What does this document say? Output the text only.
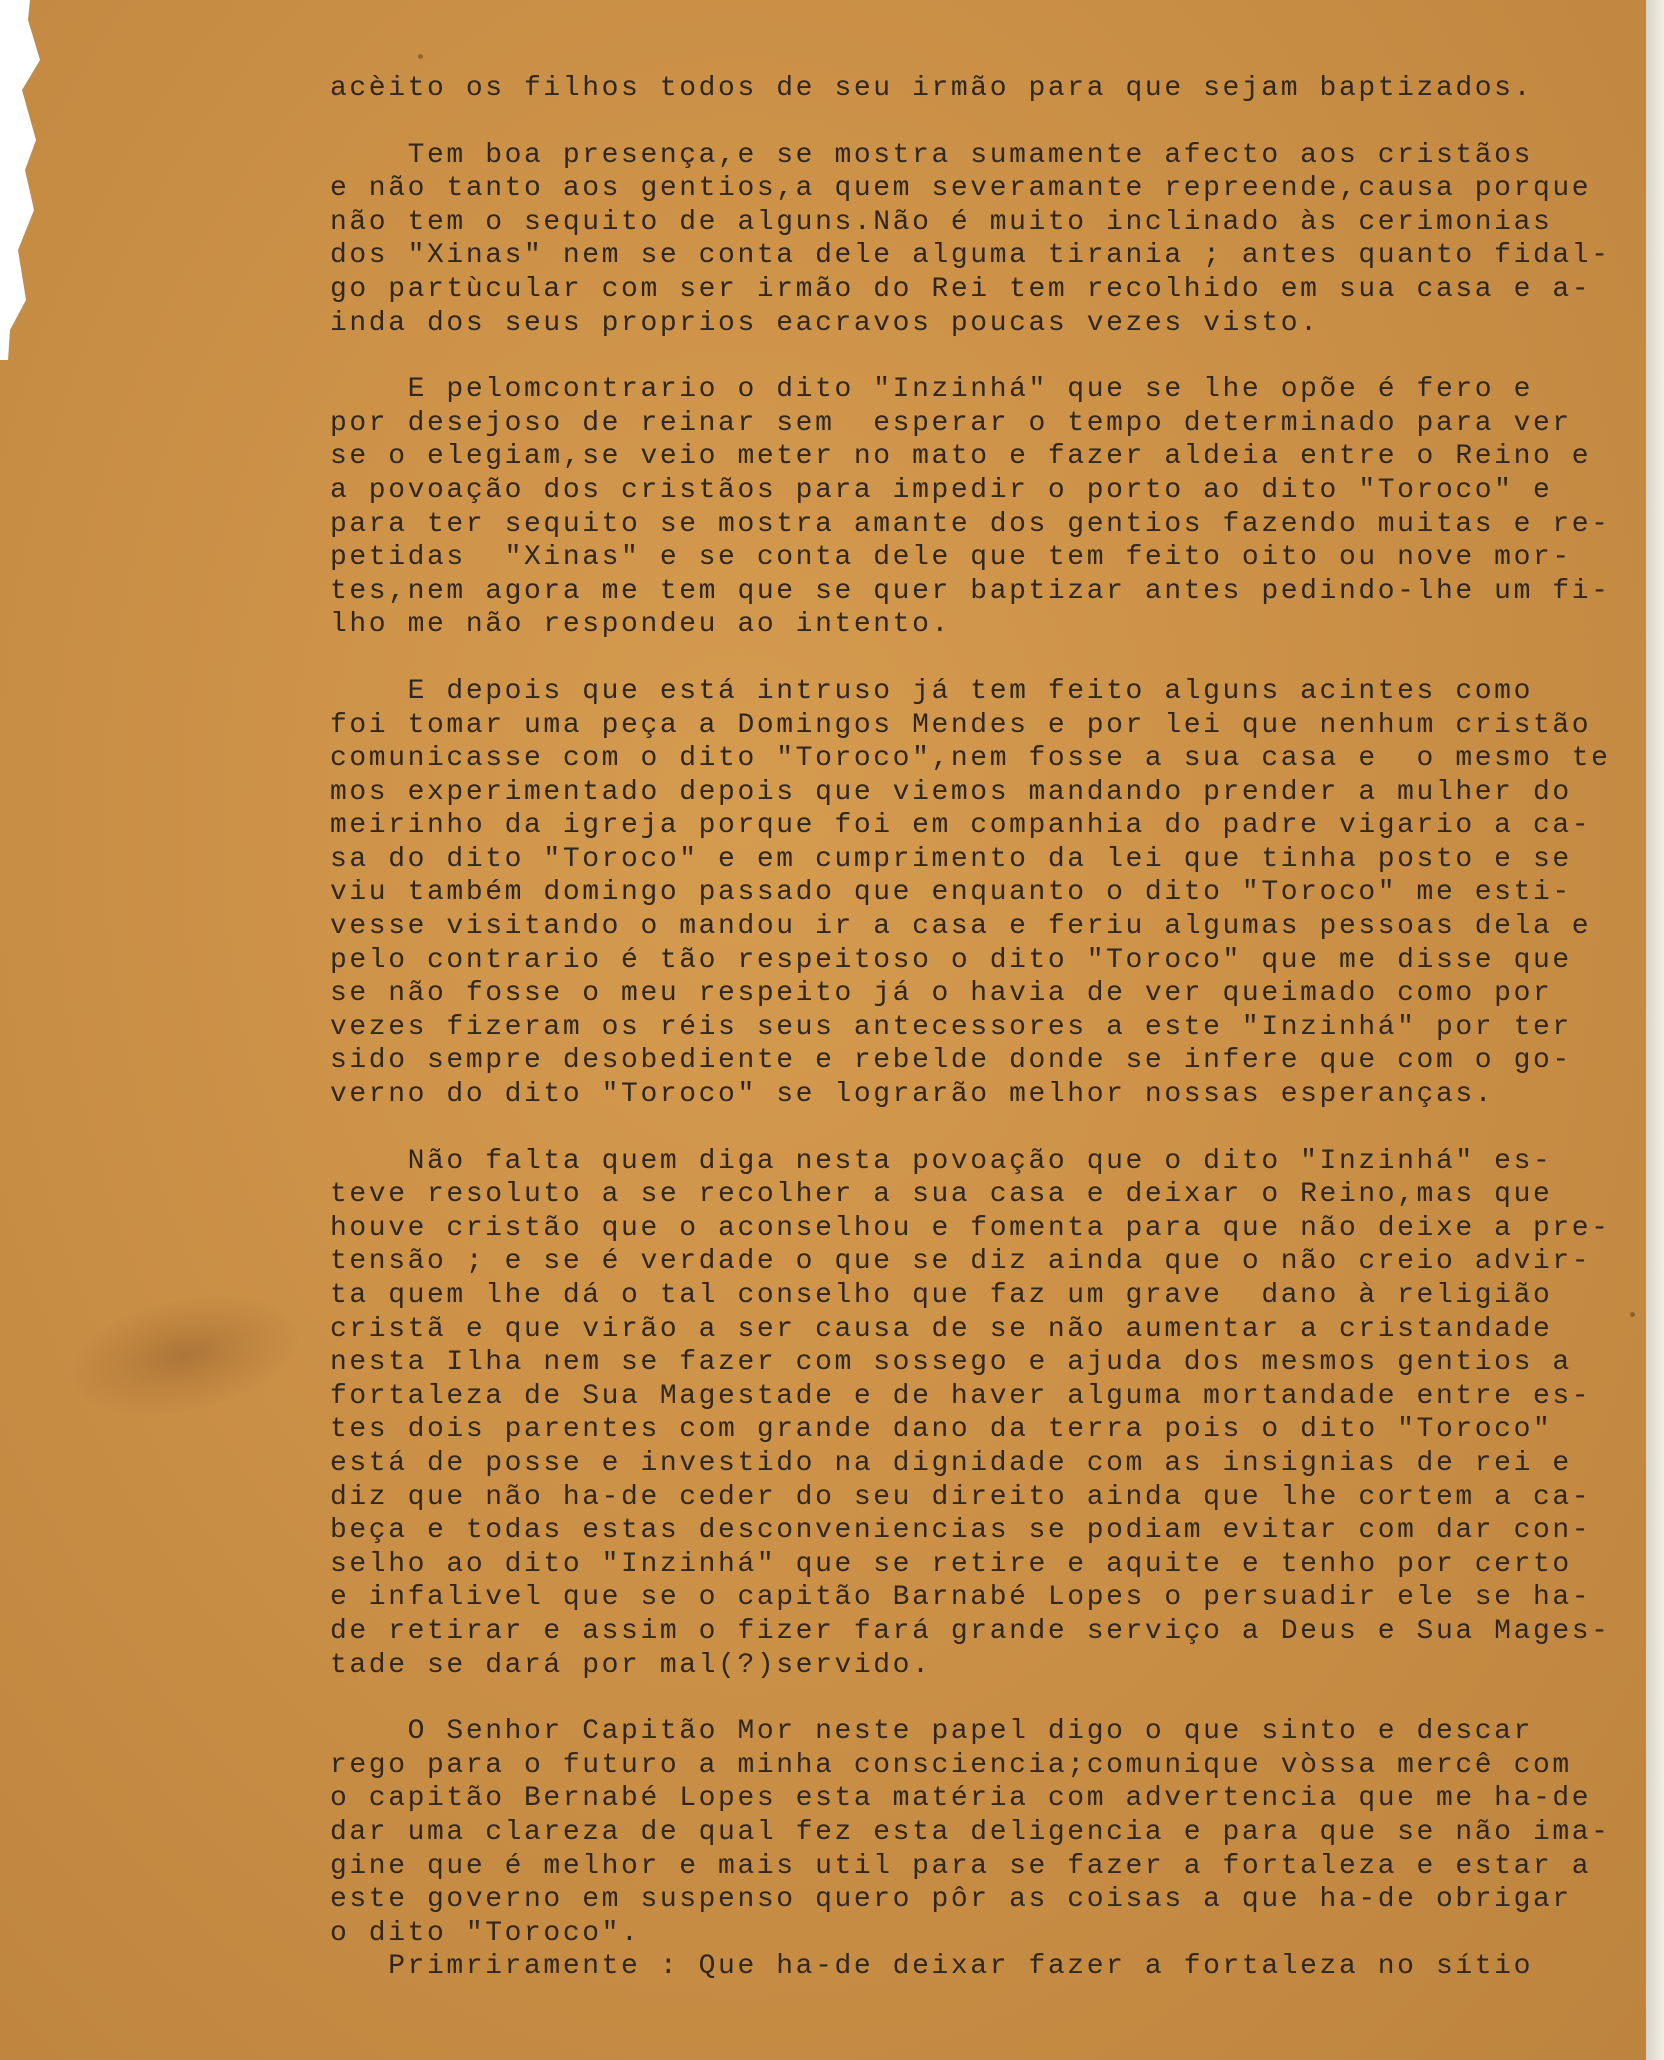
acèito os filhos todos de seu irmão para que sejam baptizados.
Tem boa presença,e se mostra sumamente afecto aos cristãos
e não tanto aos gentios,a quem severamante repreende,causa porque
não tem o sequito de alguns.Não é muito inclinado às cerimonias
dos "Xinas" nem se conta dele alguma tirania ; antes quanto fidal-
go partùcular com ser irmão do Rei tem recolhido em sua casa e a-
inda dos seus proprios eacravos poucas vezes visto.
E pelomcontrario o dito "Inzinhá" que se lhe opõe é fero e
por desejoso de reinar sem  esperar o tempo determinado para ver
se o elegiam,se veio meter no mato e fazer aldeia entre o Reino e
a povoação dos cristãos para impedir o porto ao dito "Toroco" e
para ter sequito se mostra amante dos gentios fazendo muitas e re-
petidas  "Xinas" e se conta dele que tem feito oito ou nove mor-
tes,nem agora me tem que se quer baptizar antes pedindo-lhe um fi-
lho me não respondeu ao intento.
E depois que está intruso já tem feito alguns acintes como
foi tomar uma peça a Domingos Mendes e por lei que nenhum cristão
comunicasse com o dito "Toroco",nem fosse a sua casa e  o mesmo te
mos experimentado depois que viemos mandando prender a mulher do
meirinho da igreja porque foi em companhia do padre vigario a ca-
sa do dito "Toroco" e em cumprimento da lei que tinha posto e se
viu também domingo passado que enquanto o dito "Toroco" me esti-
vesse visitando o mandou ir a casa e feriu algumas pessoas dela e
pelo contrario é tão respeitoso o dito "Toroco" que me disse que
se não fosse o meu respeito já o havia de ver queimado como por
vezes fizeram os réis seus antecessores a este "Inzinhá" por ter
sido sempre desobediente e rebelde donde se infere que com o go-
verno do dito "Toroco" se lograrão melhor nossas esperanças.
Não falta quem diga nesta povoação que o dito "Inzinhá" es-
teve resoluto a se recolher a sua casa e deixar o Reino,mas que
houve cristão que o aconselhou e fomenta para que não deixe a pre-
tensão ; e se é verdade o que se diz ainda que o não creio advir-
ta quem lhe dá o tal conselho que faz um grave  dano à religião
cristã e que virão a ser causa de se não aumentar a cristandade
nesta Ilha nem se fazer com sossego e ajuda dos mesmos gentios a
fortaleza de Sua Magestade e de haver alguma mortandade entre es-
tes dois parentes com grande dano da terra pois o dito "Toroco"
está de posse e investido na dignidade com as insignias de rei e
diz que não ha-de ceder do seu direito ainda que lhe cortem a ca-
beça e todas estas desconveniencias se podiam evitar com dar con-
selho ao dito "Inzinhá" que se retire e aquite e tenho por certo
e infalivel que se o capitão Barnabé Lopes o persuadir ele se ha-
de retirar e assim o fizer fará grande serviço a Deus e Sua Mages-
tade se dará por mal(?)servido.
O Senhor Capitão Mor neste papel digo o que sinto e descar
rego para o futuro a minha consciencia;comunique vòssa mercê com
o capitão Bernabé Lopes esta matéria com advertencia que me ha-de
dar uma clareza de qual fez esta deligencia e para que se não ima-
gine que é melhor e mais util para se fazer a fortaleza e estar a
este governo em suspenso quero pôr as coisas a que ha-de obrigar
o dito "Toroco".
Primriramente : Que ha-de deixar fazer a fortaleza no sítio
